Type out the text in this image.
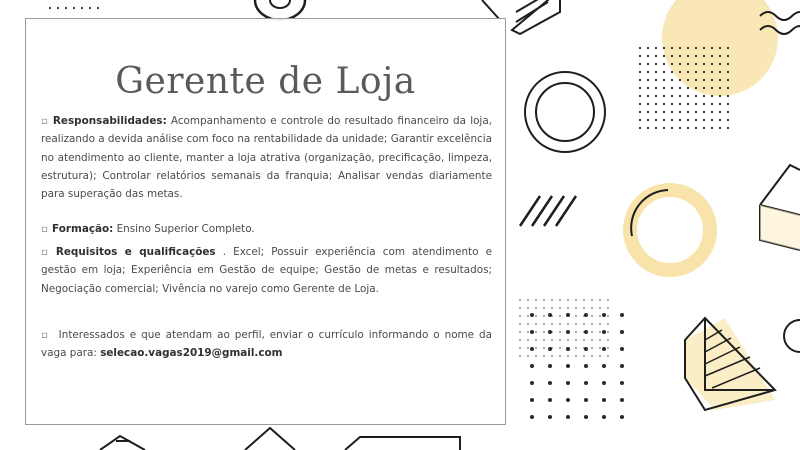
Gerente de Loja
▫ Responsabilidades: Acompanhamento e controle do resultado financeiro da loja, realizando a devida análise com foco na rentabilidade da unidade; Garantir excelência no atendimento ao cliente, manter a loja atrativa (organização, precificação, limpeza, estrutura); Controlar relatórios semanais da franquia; Analisar vendas diariamente para superação das metas.
▫ Formação: Ensino Superior Completo.
▫ Requisitos e qualificações . Excel; Possuir experiência com atendimento e gestão em loja; Experiência em Gestão de equipe; Gestão de metas e resultados; Negociação comercial; Vivência no varejo como Gerente de Loja.
▫ Interessados e que atendam ao perfil, enviar o currículo informando o nome da vaga para: selecao.vagas2019@gmail.com
